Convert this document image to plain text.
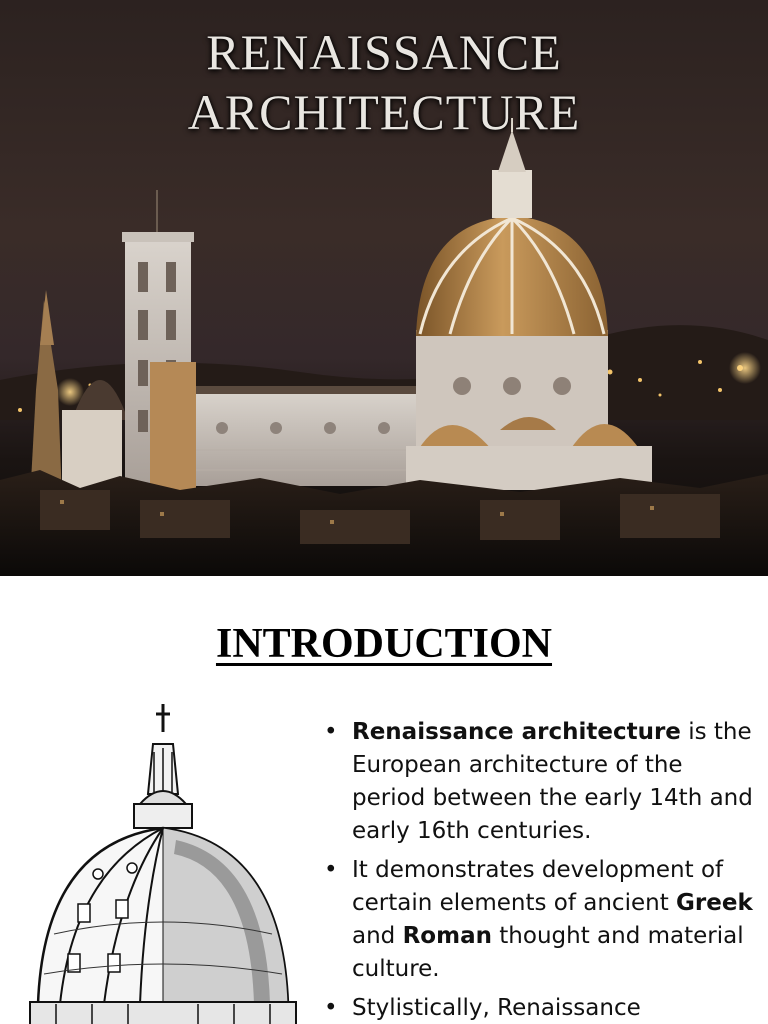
RENAISSANCE
ARCHITECTURE
INTRODUCTION
• Renaissance architecture is the European architecture of the period between the early 14th and early 16th centuries.
• It demonstrates development of certain elements of ancient Greek and Roman thought and material culture.
• Stylistically, Renaissance
